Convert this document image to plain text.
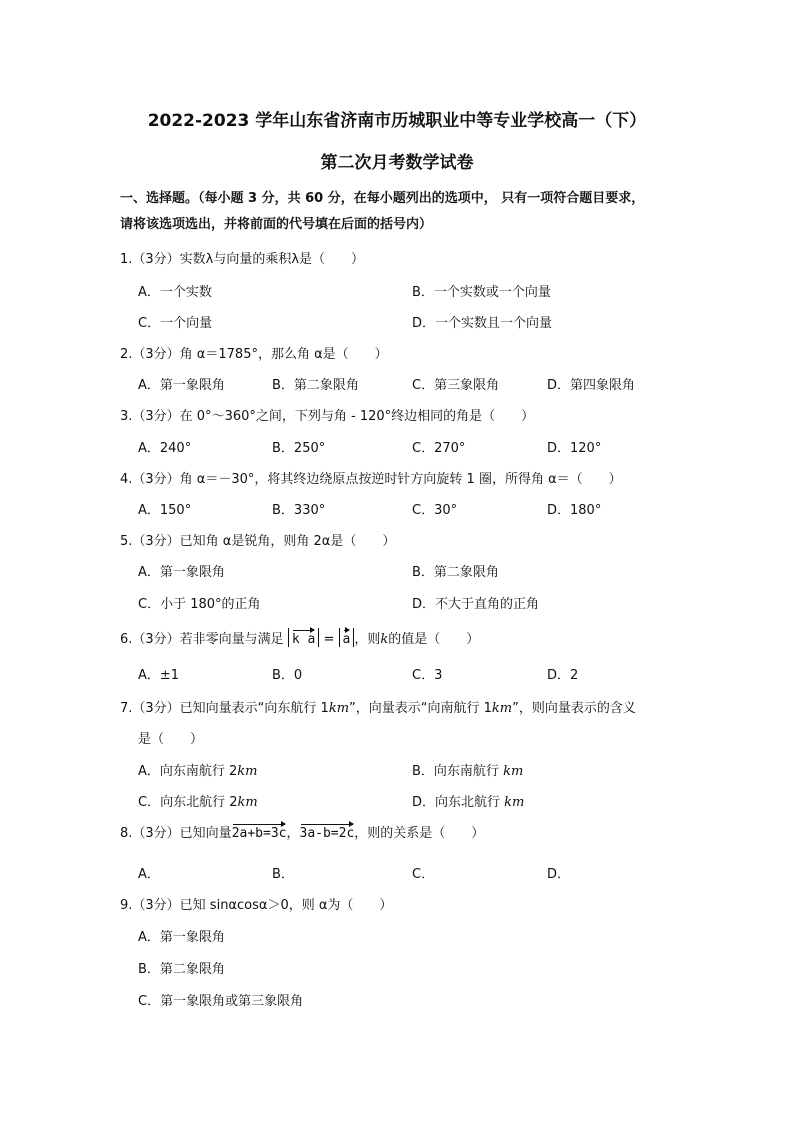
2022-2023 学年山东省济南市历城职业中等专业学校高一（下）
第二次月考数学试卷
一、选择题。（每小题 3 分，共 60 分，在每小题列出的选项中， 只有一项符合题目要求，
请将该选项选出，并将前面的代号填在后面的括号内）
1.（3分）实数λ与向量的乘积λ是（　　）
A．一个实数	B．一个实数或一个向量
C．一个向量	D．一个实数且一个向量
2.（3分）角 α＝1785°，那么角 α是（　　）
A．第一象限角	B．第二象限角	C．第三象限角	D．第四象限角
3.（3分）在 0°～360°之间，下列与角 - 120°终边相同的角是（　　）
A．240°	B．250°	C．270°	D．120°
4.（3分）角 α＝－30°，将其终边绕原点按逆时针方向旋转 1 圈，所得角 α＝（　　）
A．150°	B．330°	C．30°	D．180°
5.（3分）已知角 α是锐角，则角 2α是（　　）
A．第一象限角	B．第二象限角
C．小于 180°的正角	D．不大于直角的正角
6.（3分）若非零向量与满足 k a = a ，则k的值是（　　）
A．±1	B．0	C．3	D．2
7.（3分）已知向量表示“向东航行 1km”，向量表示“向南航行 1km”，则向量表示的含义
是（　　）
A．向东南航行 2km	B．向东南航行 km
C．向东北航行 2km	D．向东北航行 km
8.（3分）已知向量2a+b=3c，3a-b=2c，则的关系是（　　）
A．	B．	C．	D．
9.（3分）已知 sinαcosα＞0，则 α为（　　）
A．第一象限角
B．第二象限角
C．第一象限角或第三象限角
